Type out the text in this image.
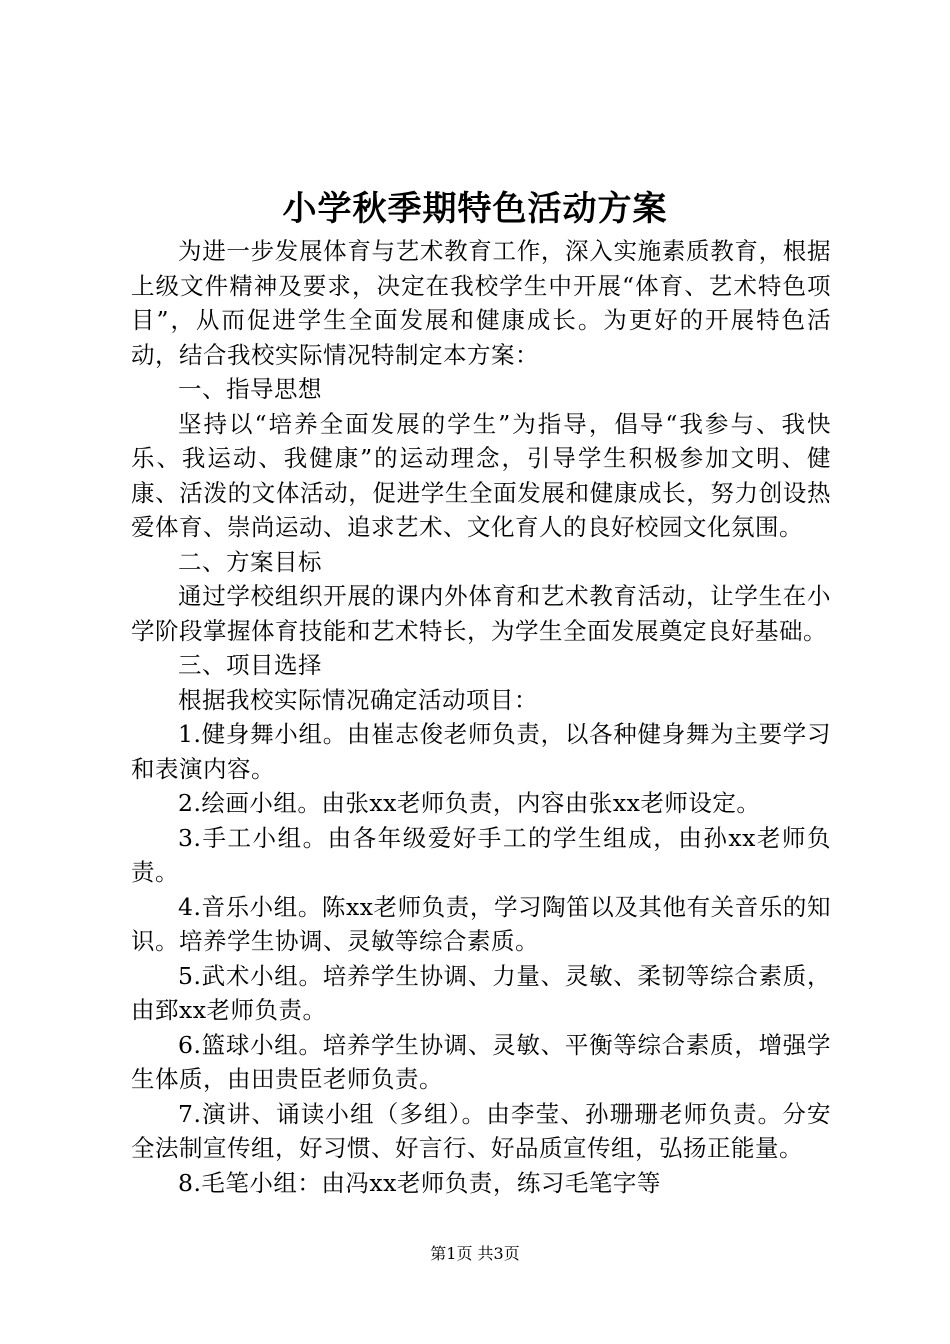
小学秋季期特色活动方案

为进一步发展体育与艺术教育工作，深入实施素质教育，根据上级文件精神及要求，决定在我校学生中开展“体育、艺术特色项目”，从而促进学生全面发展和健康成长。为更好的开展特色活动，结合我校实际情况特制定本方案：

一、指导思想

坚持以“培养全面发展的学生”为指导，倡导“我参与、我快乐、我运动、我健康”的运动理念，引导学生积极参加文明、健康、活泼的文体活动，促进学生全面发展和健康成长，努力创设热爱体育、崇尚运动、追求艺术、文化育人的良好校园文化氛围。

二、方案目标

通过学校组织开展的课内外体育和艺术教育活动，让学生在小学阶段掌握体育技能和艺术特长，为学生全面发展奠定良好基础。

三、项目选择

根据我校实际情况确定活动项目：

1.健身舞小组。由崔志俊老师负责，以各种健身舞为主要学习和表演内容。

2.绘画小组。由张xx老师负责，内容由张xx老师设定。

3.手工小组。由各年级爱好手工的学生组成，由孙xx老师负责。

4.音乐小组。陈xx老师负责，学习陶笛以及其他有关音乐的知识。培养学生协调、灵敏等综合素质。

5.武术小组。培养学生协调、力量、灵敏、柔韧等综合素质，由郅xx老师负责。

6.篮球小组。培养学生协调、灵敏、平衡等综合素质，增强学生体质，由田贵臣老师负责。

7.演讲、诵读小组（多组）。由李莹、孙珊珊老师负责。分安全法制宣传组，好习惯、好言行、好品质宣传组，弘扬正能量。

8.毛笔小组：由冯xx老师负责，练习毛笔字等

第1页 共3页
